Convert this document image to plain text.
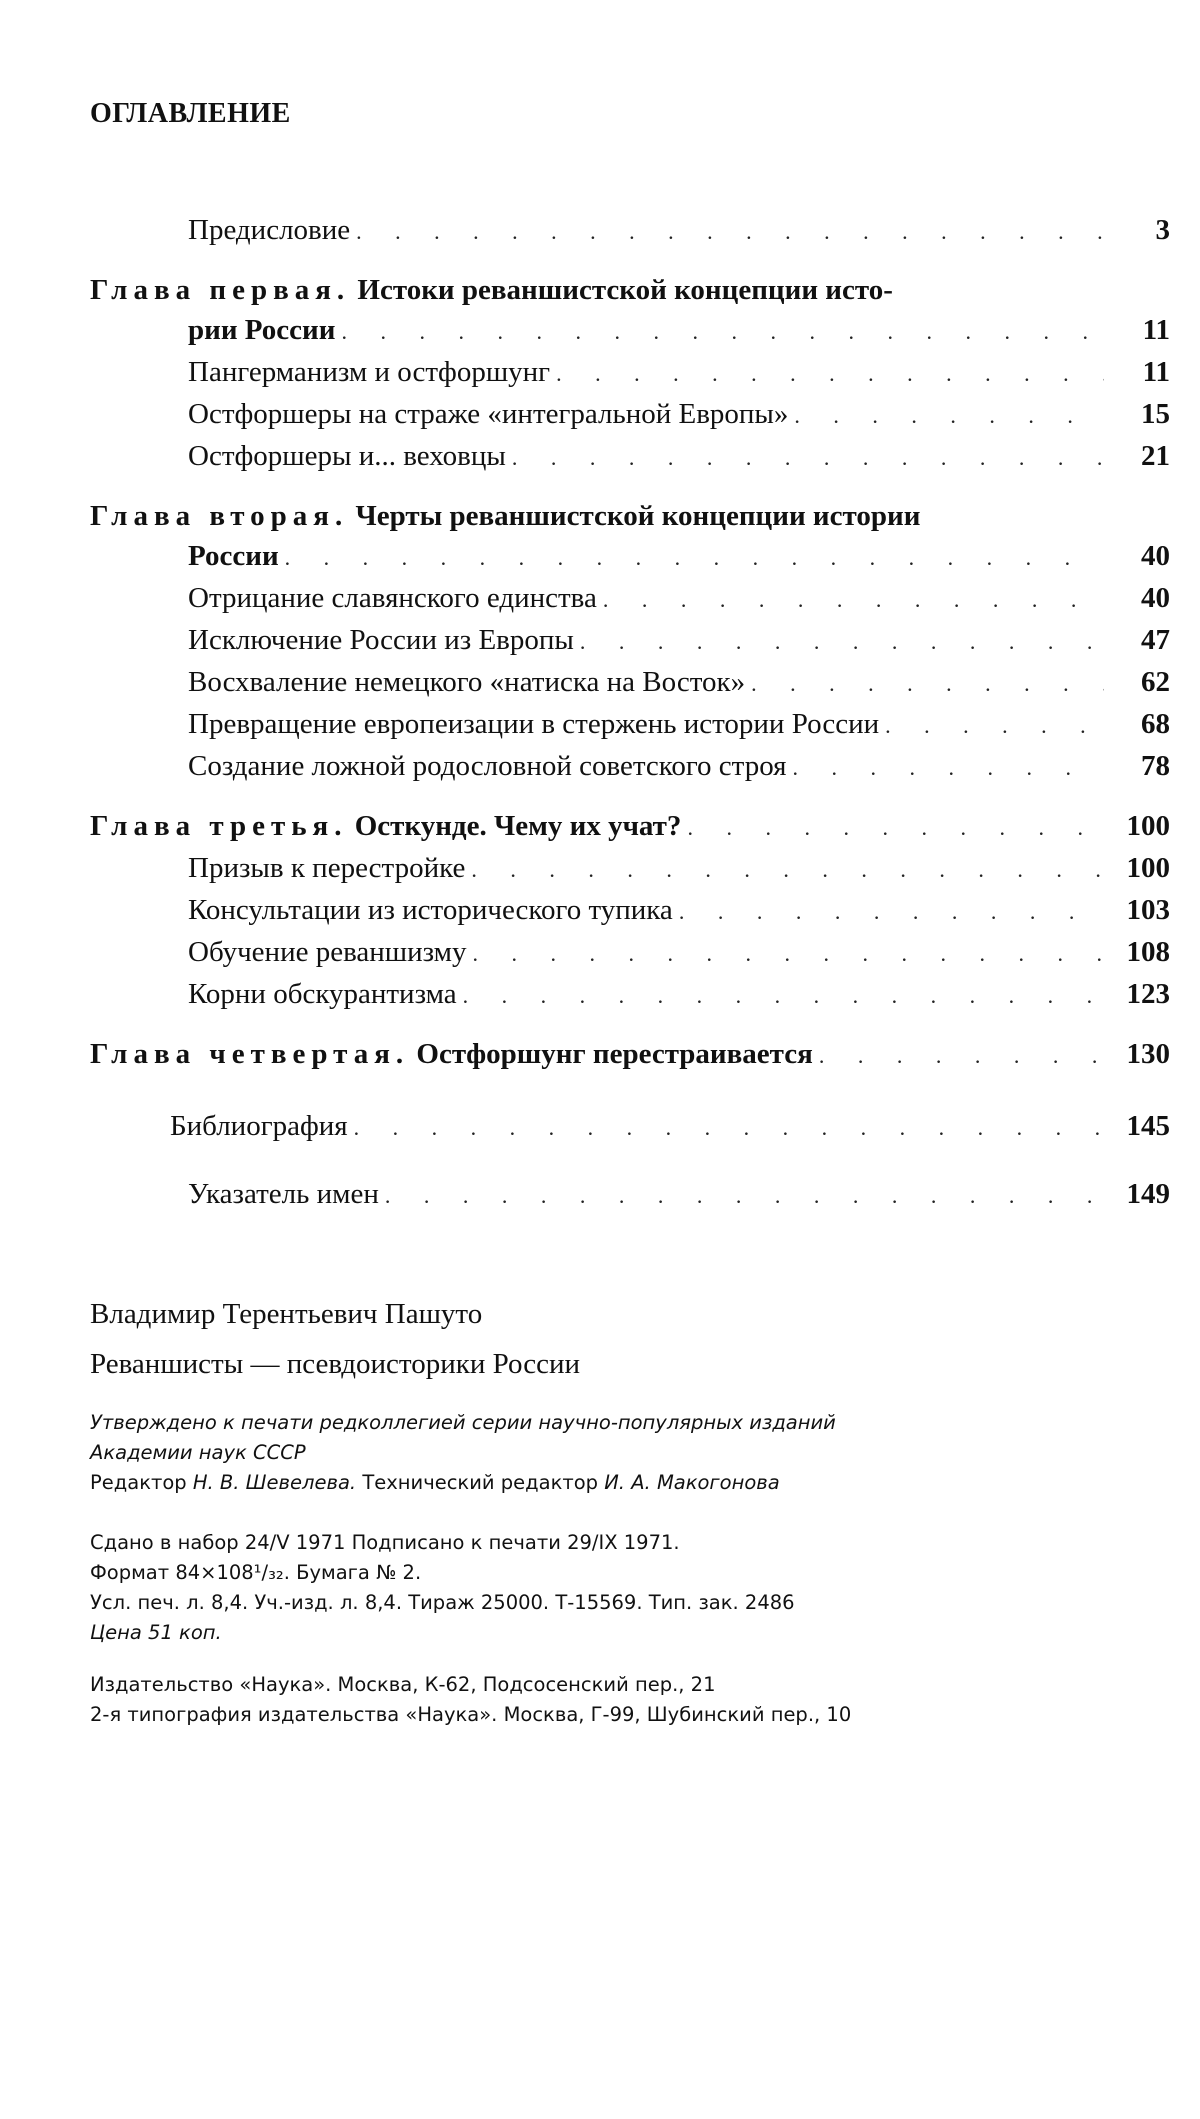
ОГЛАВЛЕНИЕ
Предисловие . . .	3
Глава первая. Истоки реваншистской концепции исто-
рии России . . .	11
Пангерманизм и остфоршунг . . .	11
Остфоршеры на страже «интегральной Европы» . . .	15
Остфоршеры и... веховцы . . .	21
Глава вторая. Черты реваншистской концепции истории
России . . .	40
Отрицание славянского единства . . .	40
Исключение России из Европы . . .	47
Восхваление немецкого «натиска на Восток» . . .	62
Превращение европеизации в стержень истории России . . .	68
Создание ложной родословной советского строя . . .	78
Глава третья. Осткунде. Чему их учат? . . .	100
Призыв к перестройке . . .	100
Консультации из исторического тупика . . .	103
Обучение реваншизму . . .	108
Корни обскурантизма . . .	123
Глава четвертая. Остфоршунг перестраивается . . .	130
Библиография . . .	145
Указатель имен . . .	149
Владимир Терентьевич Пашуто
Реваншисты — псевдоисторики России
Утверждено к печати редколлегией серии научно-популярных изданий
Академии наук СССР
Редактор Н. В. Шевелева. Технический редактор И. А. Макогонова
Сдано в набор 24/V 1971 Подписано к печати 29/IX 1971.
Формат 84×108¹/₃₂. Бумага № 2.
Усл. печ. л. 8,4. Уч.-изд. л. 8,4. Тираж 25000. Т-15569. Тип. зак. 2486
Цена 51 коп.
Издательство «Наука». Москва, К-62, Подсосенский пер., 21
2-я типография издательства «Наука». Москва, Г-99, Шубинский пер., 10
